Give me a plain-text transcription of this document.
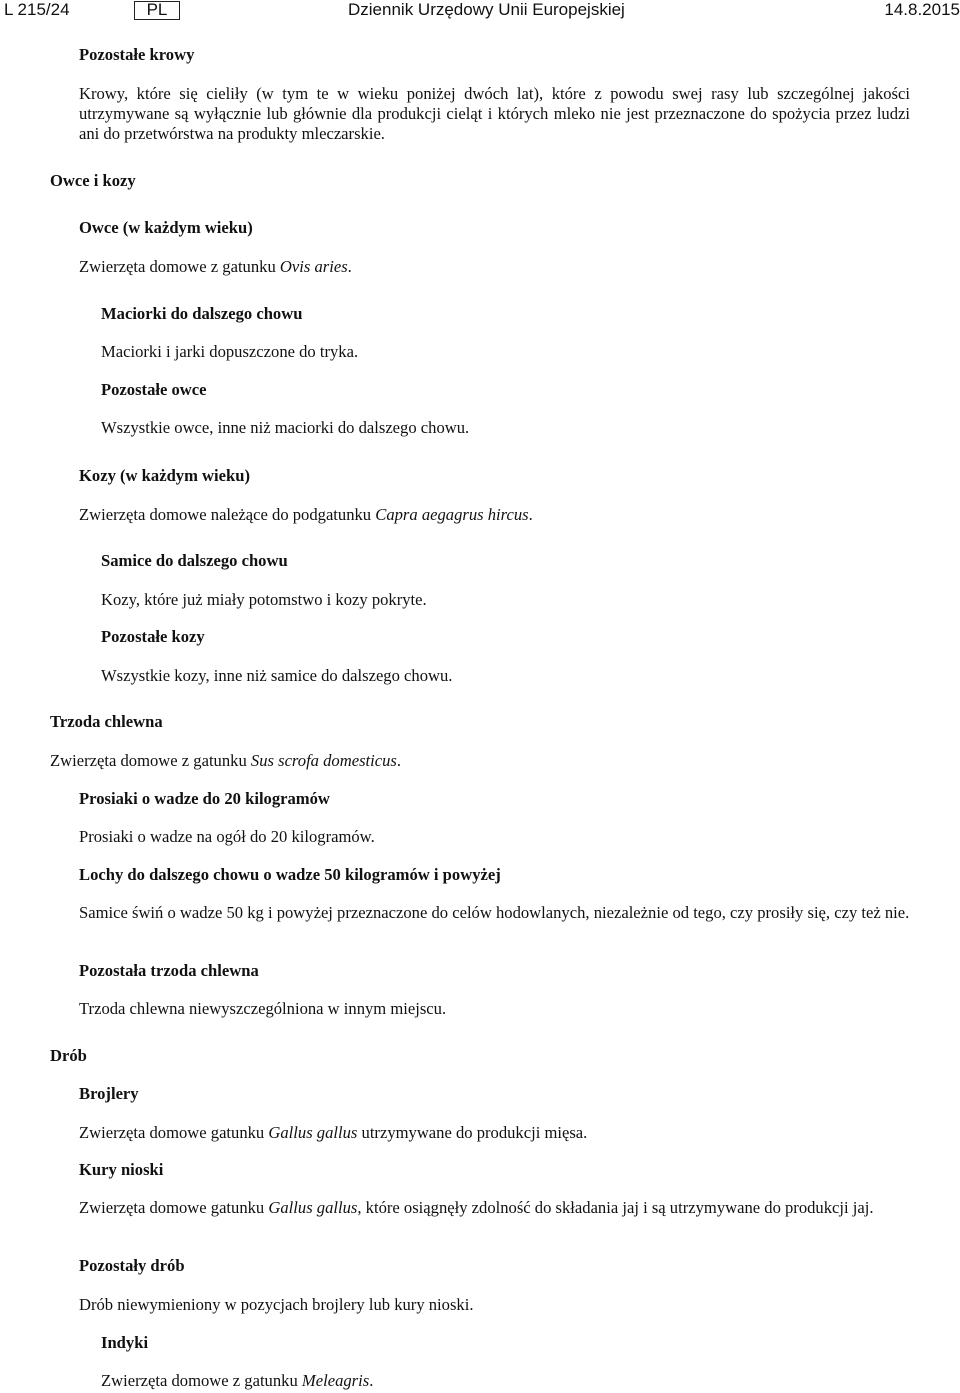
L 215/24	PL	Dziennik Urzędowy Unii Europejskiej	14.8.2015

Pozostałe krowy

Krowy, które się cieliły (w tym te w wieku poniżej dwóch lat), które z powodu swej rasy lub szczególnej jakości utrzymywane są wyłącznie lub głównie dla produkcji cieląt i których mleko nie jest przeznaczone do spożycia przez ludzi ani do przetwórstwa na produkty mleczarskie.

Owce i kozy

Owce (w każdym wieku)

Zwierzęta domowe z gatunku Ovis aries.

Maciorki do dalszego chowu

Maciorki i jarki dopuszczone do tryka.

Pozostałe owce

Wszystkie owce, inne niż maciorki do dalszego chowu.

Kozy (w każdym wieku)

Zwierzęta domowe należące do podgatunku Capra aegagrus hircus.

Samice do dalszego chowu

Kozy, które już miały potomstwo i kozy pokryte.

Pozostałe kozy

Wszystkie kozy, inne niż samice do dalszego chowu.

Trzoda chlewna

Zwierzęta domowe z gatunku Sus scrofa domesticus.

Prosiaki o wadze do 20 kilogramów

Prosiaki o wadze na ogół do 20 kilogramów.

Lochy do dalszego chowu o wadze 50 kilogramów i powyżej

Samice świń o wadze 50 kg i powyżej przeznaczone do celów hodowlanych, niezależnie od tego, czy prosiły się, czy też nie.

Pozostała trzoda chlewna

Trzoda chlewna niewyszczególniona w innym miejscu.

Drób

Brojlery

Zwierzęta domowe gatunku Gallus gallus utrzymywane do produkcji mięsa.

Kury nioski

Zwierzęta domowe gatunku Gallus gallus, które osiągnęły zdolność do składania jaj i są utrzymywane do produkcji jaj.

Pozostały drób

Drób niewymieniony w pozycjach brojlery lub kury nioski.

Indyki

Zwierzęta domowe z gatunku Meleagris.
